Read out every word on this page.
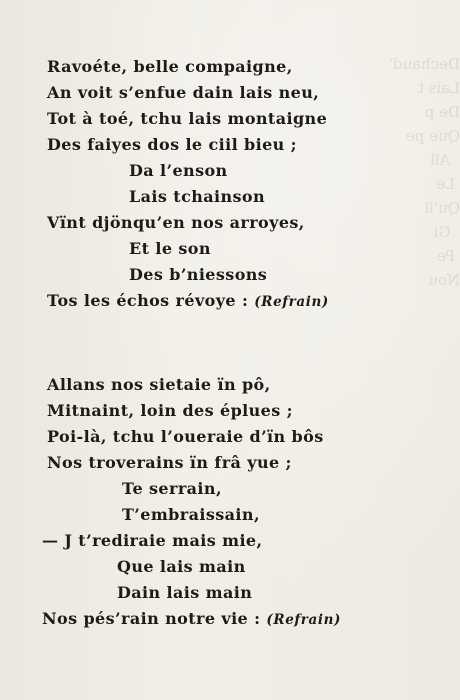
Dechaud'
Lais t
De p
Que pe
All
Le
Qu'il
Gi
Pe
Nou
Ravoéte, belle compaigne,
An voit s’enfue dain lais neu,
Tot à toé, tchu lais montaigne
Des faiyes dos le ciil bieu ;
Da l’enson
Lais tchainson
Vïnt djönqu’en nos arroyes,
Et le son
Des b’niessons
Tos les échos révoye : (Refrain)
Allans nos sietaie ïn pô,
Mitnaint, loin des éplues ;
Poi-là, tchu l’oueraie d’ïn bôs
Nos troverains ïn frâ yue ;
Te serrain,
T’embraissain,
— J t’rediraie mais mie,
Que lais main
Dain lais main
Nos pés’rain notre vie : (Refrain)
